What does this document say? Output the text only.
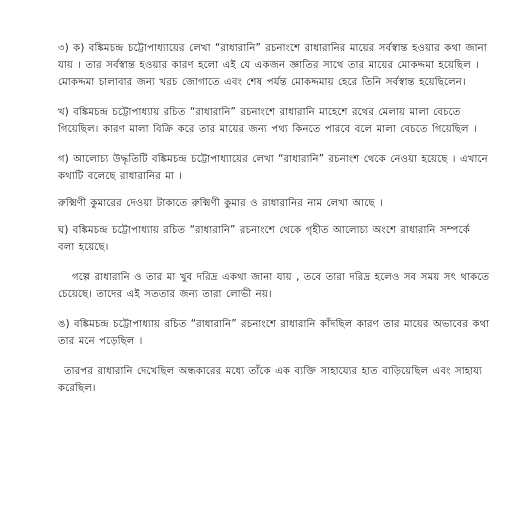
৩) ক) বঙ্কিমচন্দ্র চট্টোপাধ্যায়ের লেখা “রাধারানি” রচনাংশে রাধারানির মায়ের সর্বস্বান্ত হওয়ার কথা জানা যায় । তার সর্বস্বান্ত হওয়ার কারণ হলো এই যে একজন জ্ঞাতির সাথে তার মায়ের মোকদ্দমা হয়েছিল । মোকদ্দমা চালাবার জন্য খরচ জোগাতে এবং শেষ পর্যন্ত মোকদ্দমায় হেরে তিনি সর্বস্বান্ত হয়েছিলেন।

খ) বঙ্কিমচন্দ্র চট্টোপাধ্যায় রচিত “রাধারানি” রচনাংশে রাধারানি মাহেশে রথের মেলায় মালা বেচতে গিয়েছিল। কারণ মালা বিক্রি করে তার মায়ের জন্য পথ্য কিনতে পারবে বলে মালা বেচতে গিয়েছিল ।

গ) আলোচ্য উদ্ধৃতিটি বঙ্কিমচন্দ্র চট্টোপাধ্যায়ের লেখা “রাধারানি” রচনাংশ থেকে নেওয়া হয়েছে । এখানে কথাটি বলেছে রাধারানির মা ।

রুক্মিণী কুমারের দেওয়া টাকাতে রুক্মিণী কুমার ও রাধারানির নাম লেখা আছে ।

ঘ) বঙ্কিমচন্দ্র চট্টোপাধ্যায় রচিত “রাধারানি” রচনাংশে থেকে গৃহীত আলোচ্য অংশে রাধারানি সম্পর্কে বলা হয়েছে।

গল্পে রাধারানি ও তার মা খুব দরিদ্র একথা জানা যায় , তবে তারা দরিদ্র হলেও সব সময় সৎ থাকতে চেয়েছে। তাদের এই সততার জন্য তারা লোভী নয়।

ঙ) বঙ্কিমচন্দ্র চট্টোপাধ্যায় রচিত “রাধারানি” রচনাংশে রাধারানি কাঁদছিল কারণ তার মায়ের অভাবের কথা তার মনে পড়েছিল ।

তারপর রাধারানি দেখেছিল অন্ধকারের মধ্যে তাঁকে এক ব্যক্তি সাহায্যের হাত বাড়িয়েছিল এবং সাহায্য করেছিল।
